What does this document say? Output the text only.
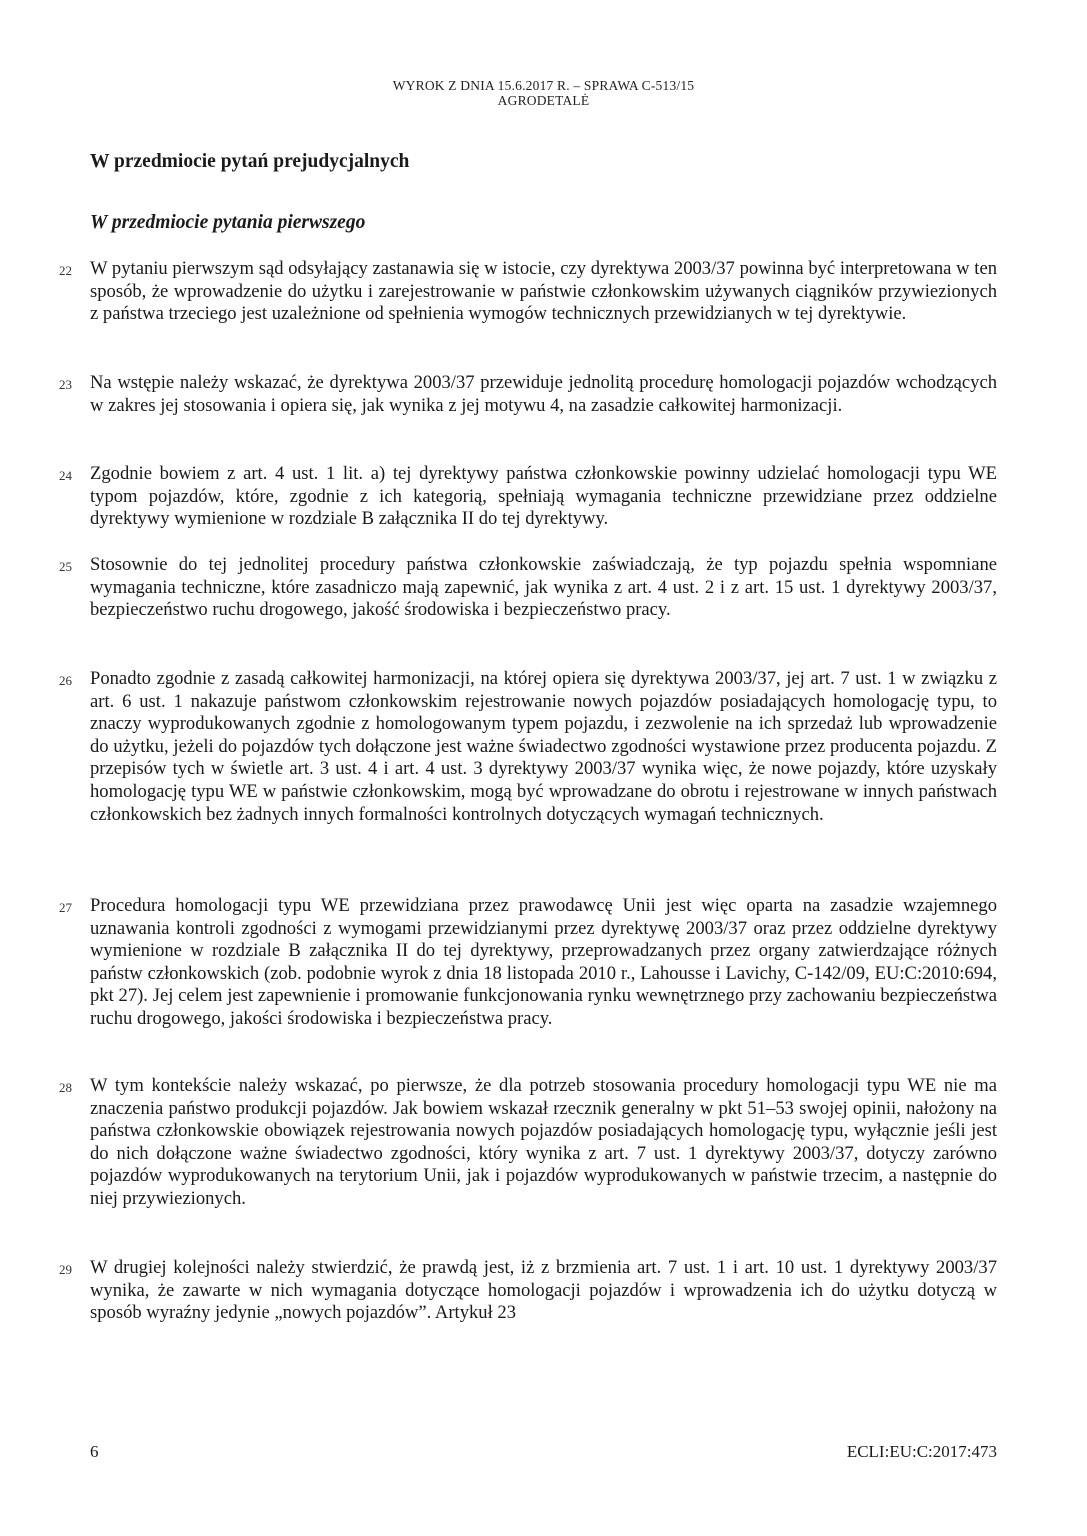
WYROK Z DNIA 15.6.2017 R. – SPRAWA C-513/15
AGRODETALĖ
W przedmiocie pytań prejudycjalnych
W przedmiocie pytania pierwszego
22 W pytaniu pierwszym sąd odsyłający zastanawia się w istocie, czy dyrektywa 2003/37 powinna być interpretowana w ten sposób, że wprowadzenie do użytku i zarejestrowanie w państwie członkowskim używanych ciągników przywiezionych z państwa trzeciego jest uzależnione od spełnienia wymogów technicznych przewidzianych w tej dyrektywie.
23 Na wstępie należy wskazać, że dyrektywa 2003/37 przewiduje jednolitą procedurę homologacji pojazdów wchodzących w zakres jej stosowania i opiera się, jak wynika z jej motywu 4, na zasadzie całkowitej harmonizacji.
24 Zgodnie bowiem z art. 4 ust. 1 lit. a) tej dyrektywy państwa członkowskie powinny udzielać homologacji typu WE typom pojazdów, które, zgodnie z ich kategorią, spełniają wymagania techniczne przewidziane przez oddzielne dyrektywy wymienione w rozdziale B załącznika II do tej dyrektywy.
25 Stosownie do tej jednolitej procedury państwa członkowskie zaświadczają, że typ pojazdu spełnia wspomniane wymagania techniczne, które zasadniczo mają zapewnić, jak wynika z art. 4 ust. 2 i z art. 15 ust. 1 dyrektywy 2003/37, bezpieczeństwo ruchu drogowego, jakość środowiska i bezpieczeństwo pracy.
26 Ponadto zgodnie z zasadą całkowitej harmonizacji, na której opiera się dyrektywa 2003/37, jej art. 7 ust. 1 w związku z art. 6 ust. 1 nakazuje państwom członkowskim rejestrowanie nowych pojazdów posiadających homologację typu, to znaczy wyprodukowanych zgodnie z homologowanym typem pojazdu, i zezwolenie na ich sprzedaż lub wprowadzenie do użytku, jeżeli do pojazdów tych dołączone jest ważne świadectwo zgodności wystawione przez producenta pojazdu. Z przepisów tych w świetle art. 3 ust. 4 i art. 4 ust. 3 dyrektywy 2003/37 wynika więc, że nowe pojazdy, które uzyskały homologację typu WE w państwie członkowskim, mogą być wprowadzane do obrotu i rejestrowane w innych państwach członkowskich bez żadnych innych formalności kontrolnych dotyczących wymagań technicznych.
27 Procedura homologacji typu WE przewidziana przez prawodawcę Unii jest więc oparta na zasadzie wzajemnego uznawania kontroli zgodności z wymogami przewidzianymi przez dyrektywę 2003/37 oraz przez oddzielne dyrektywy wymienione w rozdziale B załącznika II do tej dyrektywy, przeprowadzanych przez organy zatwierdzające różnych państw członkowskich (zob. podobnie wyrok z dnia 18 listopada 2010 r., Lahousse i Lavichy, C‑142/09, EU:C:2010:694, pkt 27). Jej celem jest zapewnienie i promowanie funkcjonowania rynku wewnętrznego przy zachowaniu bezpieczeństwa ruchu drogowego, jakości środowiska i bezpieczeństwa pracy.
28 W tym kontekście należy wskazać, po pierwsze, że dla potrzeb stosowania procedury homologacji typu WE nie ma znaczenia państwo produkcji pojazdów. Jak bowiem wskazał rzecznik generalny w pkt 51–53 swojej opinii, nałożony na państwa członkowskie obowiązek rejestrowania nowych pojazdów posiadających homologację typu, wyłącznie jeśli jest do nich dołączone ważne świadectwo zgodności, który wynika z art. 7 ust. 1 dyrektywy 2003/37, dotyczy zarówno pojazdów wyprodukowanych na terytorium Unii, jak i pojazdów wyprodukowanych w państwie trzecim, a następnie do niej przywiezionych.
29 W drugiej kolejności należy stwierdzić, że prawdą jest, iż z brzmienia art. 7 ust. 1 i art. 10 ust. 1 dyrektywy 2003/37 wynika, że zawarte w nich wymagania dotyczące homologacji pojazdów i wprowadzenia ich do użytku dotyczą w sposób wyraźny jedynie „nowych pojazdów”. Artykuł 23
6	ECLI:EU:C:2017:473
